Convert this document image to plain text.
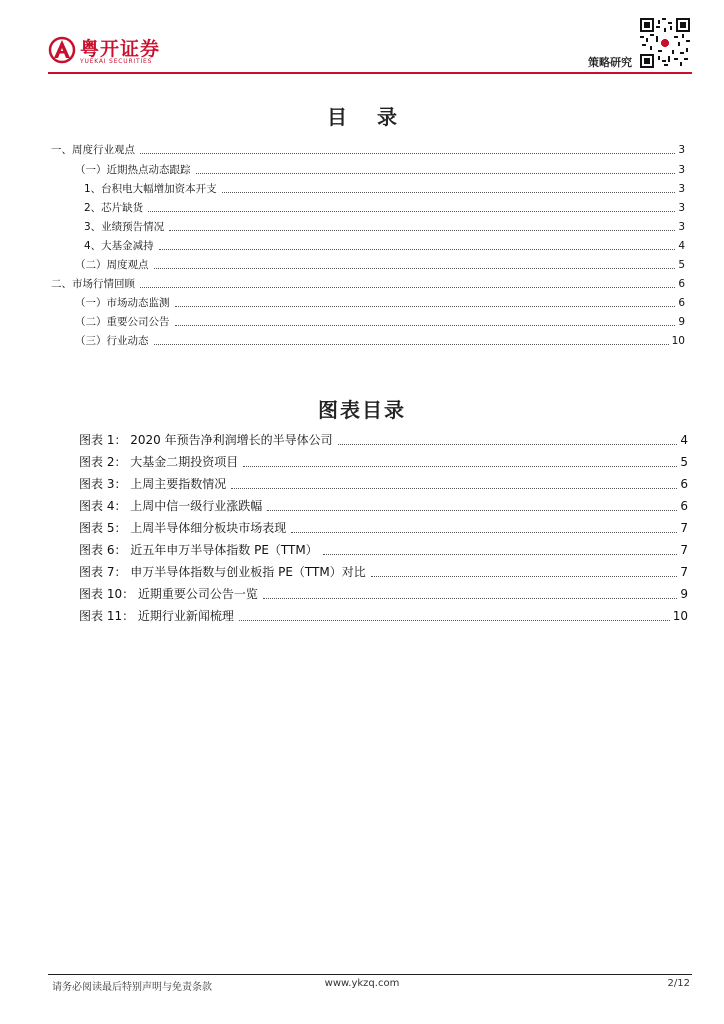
粤开证券
YUEKAI SECURITIES	策略研究
目录
一、周度行业观点	3
（一）近期热点动态跟踪	3
1、台积电大幅增加资本开支	3
2、芯片缺货	3
3、业绩预告情况	3
4、大基金减持	4
（二）周度观点	5
二、市场行情回顾	6
（一）市场动态监测	6
（二）重要公司公告	9
（三）行业动态	10
图表目录
图表 1： 2020 年预告净利润增长的半导体公司	4
图表 2： 大基金二期投资项目	5
图表 3： 上周主要指数情况	6
图表 4： 上周中信一级行业涨跌幅	6
图表 5： 上周半导体细分板块市场表现	7
图表 6： 近五年申万半导体指数 PE（TTM）	7
图表 7： 申万半导体指数与创业板指 PE（TTM）对比	7
图表 10： 近期重要公司公告一览	9
图表 11： 近期行业新闻梳理	10
请务必阅读最后特别声明与免责条款	www.ykzq.com	2/12
